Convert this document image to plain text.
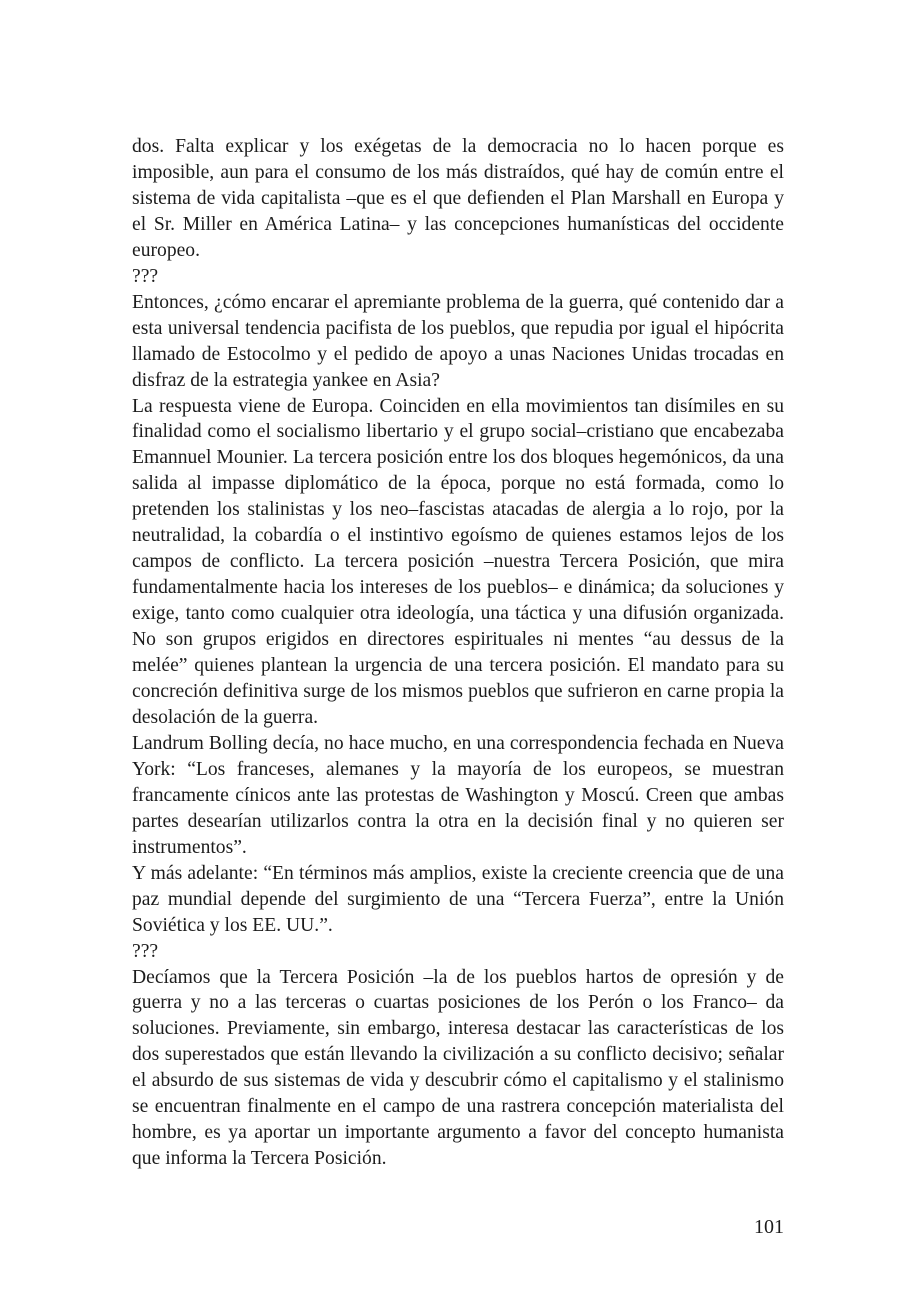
dos. Falta explicar y los exégetas de la democracia no lo hacen porque es imposible, aun para el consumo de los más distraídos, qué hay de común entre el sistema de vida capitalista –que es el que defienden el Plan Marshall en Europa y el Sr. Miller en América Latina– y las concepciones humanísticas del occidente europeo.

???

Entonces, ¿cómo encarar el apremiante problema de la guerra, qué contenido dar a esta universal tendencia pacifista de los pueblos, que repudia por igual el hipócrita llamado de Estocolmo y el pedido de apoyo a unas Naciones Unidas trocadas en disfraz de la estrategia yankee en Asia?

La respuesta viene de Europa. Coinciden en ella movimientos tan disímiles en su finalidad como el socialismo libertario y el grupo social–cristiano que encabezaba Emannuel Mounier. La tercera posición entre los dos bloques hegemónicos, da una salida al impasse diplomático de la época, porque no está formada, como lo pretenden los stalinistas y los neo–fascistas atacadas de alergia a lo rojo, por la neutralidad, la cobardía o el instintivo egoísmo de quienes estamos lejos de los campos de conflicto. La tercera posición –nuestra Tercera Posición, que mira fundamentalmente hacia los intereses de los pueblos– e dinámica; da soluciones y exige, tanto como cualquier otra ideología, una táctica y una difusión organizada. No son grupos erigidos en directores espirituales ni mentes “au dessus de la meléе” quienes plantean la urgencia de una tercera posición. El mandato para su concreción definitiva surge de los mismos pueblos que sufrieron en carne propia la desolación de la guerra.

Landrum Bolling decía, no hace mucho, en una correspondencia fechada en Nueva York: “Los franceses, alemanes y la mayoría de los europeos, se muestran francamente cínicos ante las protestas de Washington y Moscú. Creen que ambas partes desearían utilizarlos contra la otra en la decisión final y no quieren ser instrumentos”.

Y más adelante: “En términos más amplios, existe la creciente creencia que de una paz mundial depende del surgimiento de una “Tercera Fuerza”, entre la Unión Soviética y los EE. UU.”.

???

Decíamos que la Tercera Posición –la de los pueblos hartos de opresión y de guerra y no a las terceras o cuartas posiciones de los Perón o los Franco– da soluciones. Previamente, sin embargo, interesa destacar las características de los dos superestados que están llevando la civilización a su conflicto decisivo; señalar el absurdo de sus sistemas de vida y descubrir cómo el capitalismo y el stalinismo se encuentran finalmente en el campo de una rastrera concepción materialista del hombre, es ya aportar un importante argumento a favor del concepto humanista que informa la Tercera Posición.

101
